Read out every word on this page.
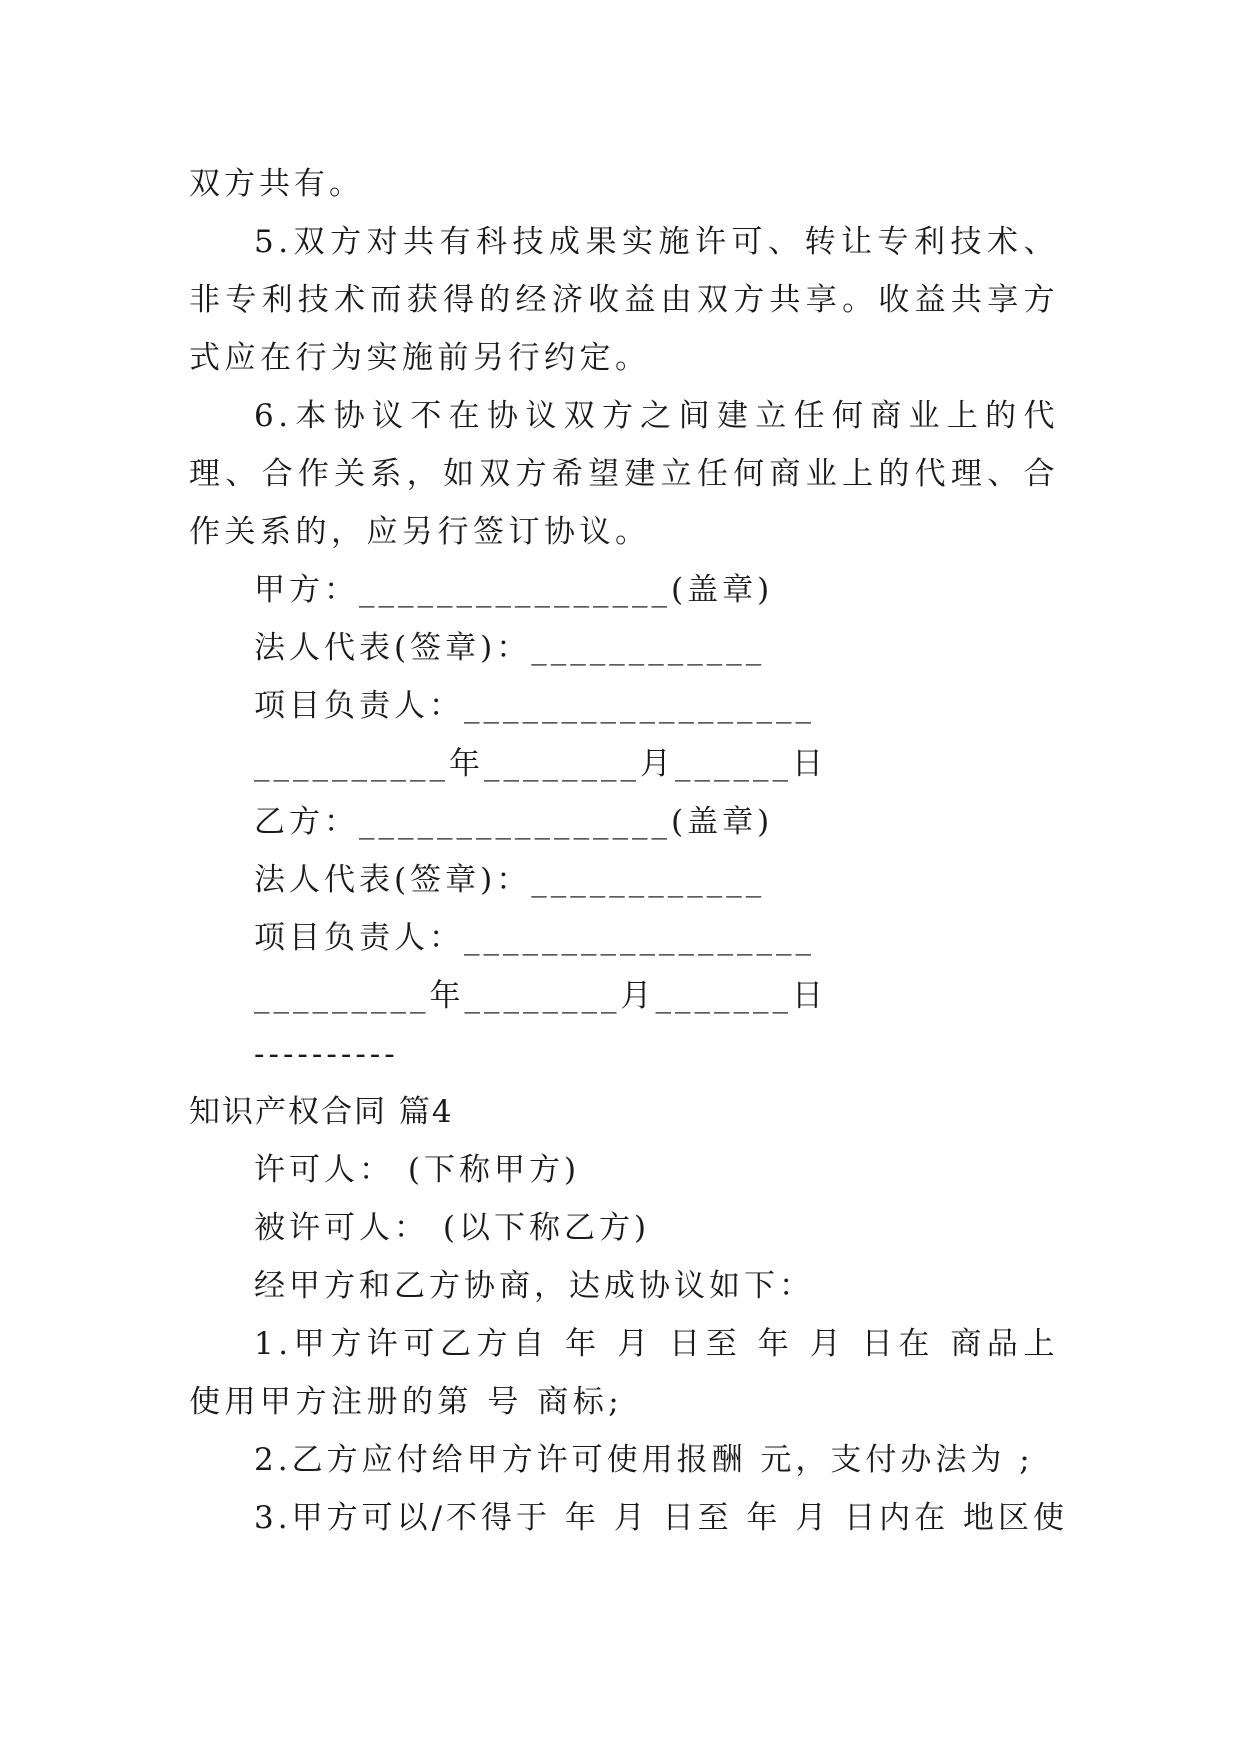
双方共有。
5.双方对共有科技成果实施许可、转让专利技术、非专利技术而获得的经济收益由双方共享。收益共享方式应在行为实施前另行约定。
6.本协议不在协议双方之间建立任何商业上的代理、合作关系，如双方希望建立任何商业上的代理、合作关系的，应另行签订协议。
甲方：________________(盖章)
法人代表(签章)：____________
项目负责人：__________________
__________年________月______日
乙方：________________(盖章)
法人代表(签章)：____________
项目负责人：__________________
_________年________月_______日
----------
知识产权合同 篇4
许可人： (下称甲方)
被许可人： (以下称乙方)
经甲方和乙方协商，达成协议如下：
1.甲方许可乙方自 年 月 日至 年 月 日在 商品上使用甲方注册的第 号 商标;
2.乙方应付给甲方许可使用报酬 元，支付办法为 ;
3.甲方可以/不得于 年 月 日至 年 月 日内在 地区使
